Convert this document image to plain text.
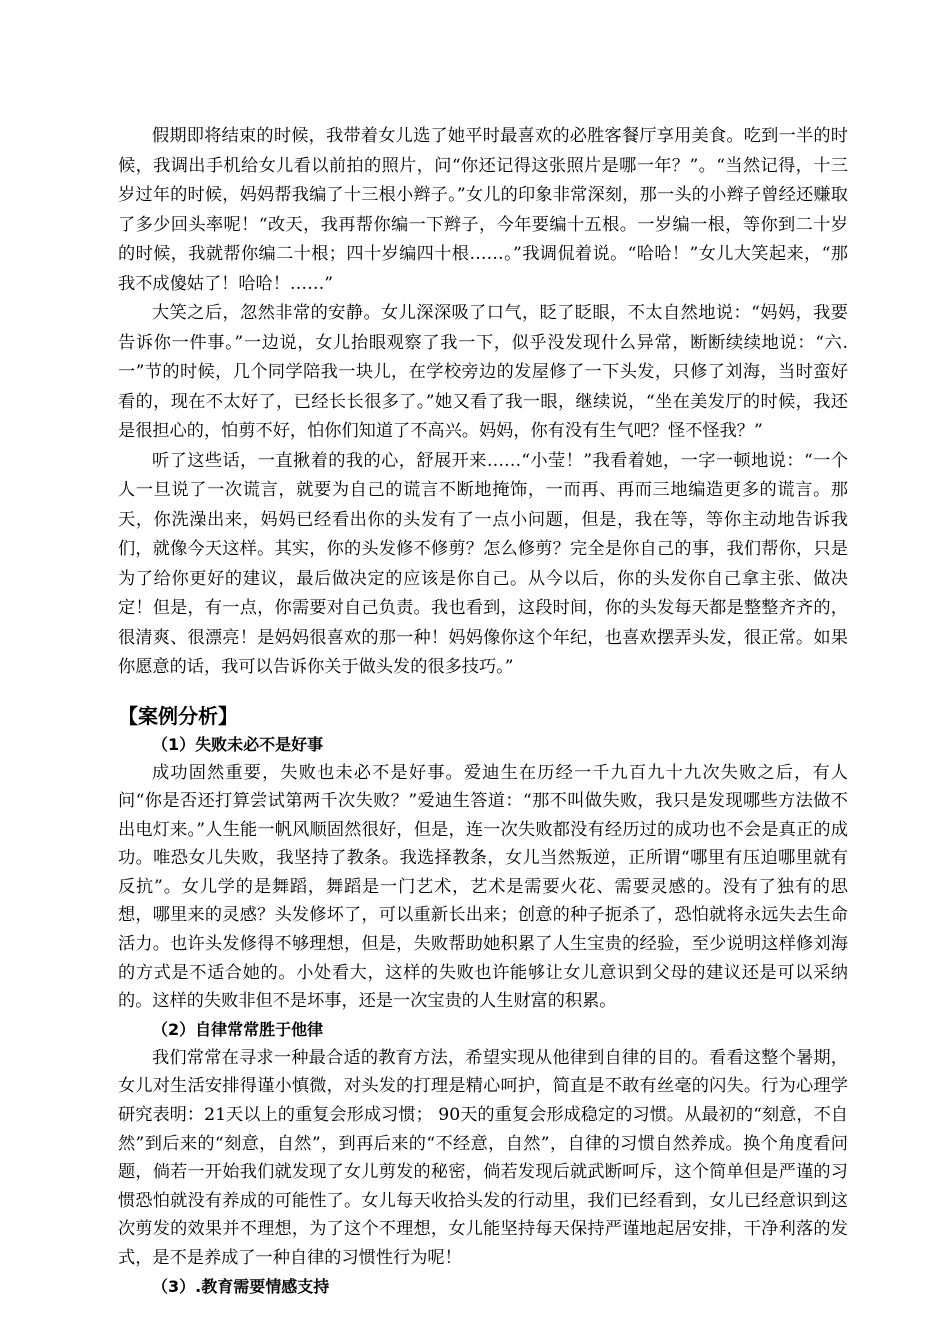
假期即将结束的时候，我带着女儿选了她平时最喜欢的必胜客餐厅享用美食。吃到一半的时候，我调出手机给女儿看以前拍的照片，问“你还记得这张照片是哪一年？”。“当然记得，十三岁过年的时候，妈妈帮我编了十三根小辫子。”女儿的印象非常深刻，那一头的小辫子曾经还赚取了多少回头率呢！“改天，我再帮你编一下辫子，今年要编十五根。一岁编一根，等你到二十岁的时候，我就帮你编二十根；四十岁编四十根……。”我调侃着说。“哈哈！”女儿大笑起来，“那我不成傻姑了！哈哈！……”

大笑之后，忽然非常的安静。女儿深深吸了口气，眨了眨眼，不太自然地说：“妈妈，我要告诉你一件事。”一边说，女儿抬眼观察了我一下，似乎没发现什么异常，断断续续地说：“六.一”节的时候，几个同学陪我一块儿，在学校旁边的发屋修了一下头发，只修了刘海，当时蛮好看的，现在不太好了，已经长长很多了。”她又看了我一眼，继续说，“坐在美发厅的时候，我还是很担心的，怕剪不好，怕你们知道了不高兴。妈妈，你有没有生气吧？怪不怪我？”

听了这些话，一直揪着的我的心，舒展开来……“小莹！”我看着她，一字一顿地说：“一个人一旦说了一次谎言，就要为自己的谎言不断地掩饰，一而再、再而三地编造更多的谎言。那天，你洗澡出来，妈妈已经看出你的头发有了一点小问题，但是，我在等，等你主动地告诉我们，就像今天这样。其实，你的头发修不修剪？怎么修剪？完全是你自己的事，我们帮你，只是为了给你更好的建议，最后做决定的应该是你自己。从今以后，你的头发你自己拿主张、做决定！但是，有一点，你需要对自己负责。我也看到，这段时间，你的头发每天都是整整齐齐的，很清爽、很漂亮！是妈妈很喜欢的那一种！妈妈像你这个年纪，也喜欢摆弄头发，很正常。如果你愿意的话，我可以告诉你关于做头发的很多技巧。”

【案例分析】
（1）失败未必不是好事

成功固然重要，失败也未必不是好事。爱迪生在历经一千九百九十九次失败之后，有人问“你是否还打算尝试第两千次失败？”爱迪生答道：“那不叫做失败，我只是发现哪些方法做不出电灯来。”人生能一帆风顺固然很好，但是，连一次失败都没有经历过的成功也不会是真正的成功。唯恐女儿失败，我坚持了教条。我选择教条，女儿当然叛逆，正所谓“哪里有压迫哪里就有反抗”。女儿学的是舞蹈，舞蹈是一门艺术，艺术是需要火花、需要灵感的。没有了独有的思想，哪里来的灵感？头发修坏了，可以重新长出来；创意的种子扼杀了，恐怕就将永远失去生命活力。也许头发修得不够理想，但是，失败帮助她积累了人生宝贵的经验，至少说明这样修刘海的方式是不适合她的。小处看大，这样的失败也许能够让女儿意识到父母的建议还是可以采纳的。这样的失败非但不是坏事，还是一次宝贵的人生财富的积累。

（2）自律常常胜于他律

我们常常在寻求一种最合适的教育方法，希望实现从他律到自律的目的。看看这整个暑期，女儿对生活安排得谨小慎微，对头发的打理是精心呵护，简直是不敢有丝毫的闪失。行为心理学研究表明：21天以上的重复会形成习惯； 90天的重复会形成稳定的习惯。从最初的“刻意，不自然”到后来的“刻意，自然”，到再后来的“不经意，自然”，自律的习惯自然养成。换个角度看问题，倘若一开始我们就发现了女儿剪发的秘密，倘若发现后就武断呵斥，这个简单但是严谨的习惯恐怕就没有养成的可能性了。女儿每天收拾头发的行动里，我们已经看到，女儿已经意识到这次剪发的效果并不理想，为了这个不理想，女儿能坚持每天保持严谨地起居安排，干净利落的发式，是不是养成了一种自律的习惯性行为呢！

（3）.教育需要情感支持
